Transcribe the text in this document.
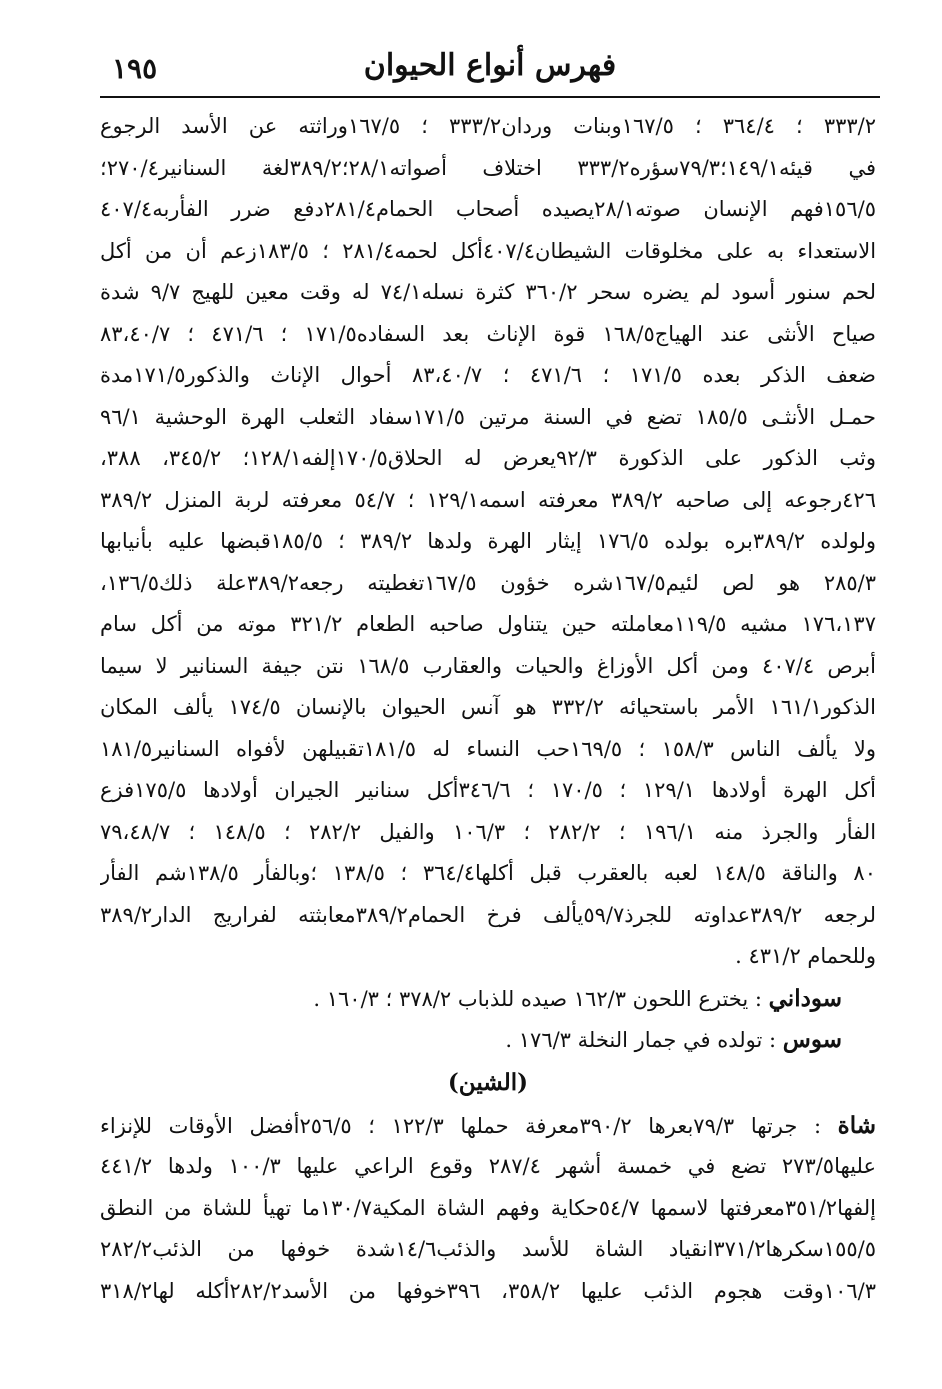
١٩٥	فهرس أنواع الحيوان
٣٣٣/٢ ؛ ٣٦٤/٤ ؛ ١٦٧/٥وبنات وردان٣٣٣/٢ ؛ ١٦٧/٥وراثته عن الأسد الرجوع
في قيئه١٤٩/١؛٧٩/٣سؤره٣٣٣/٢ اختلاف أصواته٢٨/١؛٣٨٩/٢لغة السنانير٢٧٠/٤؛
١٥٦/٥فهم الإنسان صوته٢٨/١يصيده أصحاب الحمام٢٨١/٤دفع ضرر الفأربه٤٠٧/٤
الاستعداء به على مخلوقات الشيطان٤٠٧/٤أكل لحمه٢٨١/٤ ؛ ١٨٣/٥زعم أن من أكل
لحم سنور أسود لم يضره سحر ٣٦٠/٢ كثرة نسله٧٤/١ له وقت معين للهيج ٩/٧ شدة
صياح الأنثى عند الهياج١٦٨/٥ قوة الإناث بعد السفاده١٧١/٥ ؛ ٤٧١/٦ ؛ ٨٣،٤٠/٧
ضعف الذكر بعده ١٧١/٥ ؛ ٤٧١/٦ ؛ ٨٣،٤٠/٧ أحوال الإناث والذكور١٧١/٥مدة
حمـل الأنثـى ١٨٥/٥ تضع في السنة مرتين ١٧١/٥سفاد الثعلب الهرة الوحشية ٩٦/١
وثب الذكور على الذكورة ٩٢/٣يعرض له الحلاق١٧٠/٥إلفه١٢٨/١؛ ٣٤٥/٢، ٣٨٨،
٤٢٦رجوعه إلى صاحبه ٣٨٩/٢ معرفته اسمه١٢٩/١ ؛ ٥٤/٧ معرفته لربة المنزل ٣٨٩/٢
ولولده ٣٨٩/٢بره بولده ١٧٦/٥ إيثار الهرة ولدها ٣٨٩/٢ ؛ ١٨٥/٥قبضها عليه بأنيابها
٢٨٥/٣ هو لص لئيم١٦٧/٥شره خؤون ١٦٧/٥تغطيته رجعه٣٨٩/٢علة ذلك١٣٦/٥،
١٧٦،١٣٧ مشيه ١١٩/٥معاملته حين يتناول صاحبه الطعام ٣٢١/٢ موته من أكل سام
أبرص ٤٠٧/٤ ومن أكل الأوزاغ والحيات والعقارب ١٦٨/٥ نتن جيفة السنانير لا سيما
الذكور١٦١/١ الأمر باستحيائه ٣٣٢/٢ هو آنس الحيوان بالإنسان ١٧٤/٥ يألف المكان
ولا يألف الناس ١٥٨/٣ ؛ ١٦٩/٥حب النساء له ١٨١/٥تقبيلهن لأفواه السنانير١٨١/٥
أكل الهرة أولادها ١٢٩/١ ؛ ١٧٠/٥ ؛ ٣٤٦/٦أكل سنانير الجيران أولادها ١٧٥/٥فزع
الفأر والجرذ منه ١٩٦/١ ؛ ٢٨٢/٢ ؛ ١٠٦/٣ والفيل ٢٨٢/٢ ؛ ١٤٨/٥ ؛ ٧٩،٤٨/٧
٨٠ والناقة ١٤٨/٥ لعبه بالعقرب قبل أكلها٣٦٤/٤ ؛ ١٣٨/٥ ؛وبالفأر ١٣٨/٥شم الفأر
لرجعه ٣٨٩/٢عداوته للجرذ٥٩/٧يألف فرخ الحمام٣٨٩/٢معابثته لفراريج الدار٣٨٩/٢
وللحمام ٤٣١/٢ .
سوداني : يخترع اللحون ١٦٢/٣ صيده للذباب ٣٧٨/٢ ؛ ١٦٠/٣ .
سوس : تولده في جمار النخلة ١٧٦/٣ .
(الشين)
شاة : جرتها ٧٩/٣بعرها ٣٩٠/٢معرفة حملها ١٢٢/٣ ؛ ٢٥٦/٥أفضل الأوقات للإنزاء
عليها٢٧٣/٥ تضع في خمسة أشهر ٢٨٧/٤ وقوع الراعي عليها ١٠٠/٣ ولدها ٤٤١/٢
إلفها٣٥١/٢معرفتها لاسمها ٥٤/٧حكاية وفهم الشاة المكية١٣٠/٧ما تهيأ للشاة من النطق
١٥٥/٥سكرها٣٧١/٢انقياد الشاة للأسد والذئب١٤/٦شدة خوفها من الذئب٢٨٢/٢
١٠٦/٣وقت هجوم الذئب عليها ٣٥٨/٢، ٣٩٦خوفها من الأسد٢٨٢/٢أكله لها٣١٨/٢
